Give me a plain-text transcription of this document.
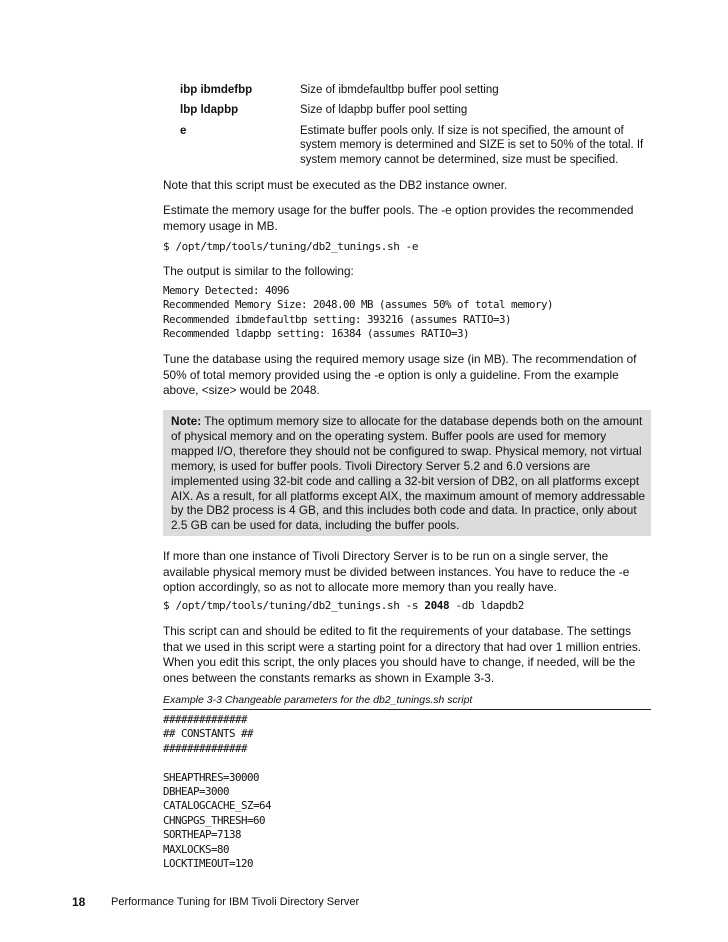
ibp ibmdefbp	Size of ibmdefaultbp buffer pool setting
lbp ldapbp	Size of ldapbp buffer pool setting
e	Estimate buffer pools only. If size is not specified, the amount of system memory is determined and SIZE is set to 50% of the total. If system memory cannot be determined, size must be specified.
Note that this script must be executed as the DB2 instance owner.
Estimate the memory usage for the buffer pools. The -e option provides the recommended memory usage in MB.
$ /opt/tmp/tools/tuning/db2_tunings.sh -e
The output is similar to the following:
Memory Detected: 4096
Recommended Memory Size: 2048.00 MB (assumes 50% of total memory)
Recommended ibmdefaultbp setting: 393216 (assumes RATIO=3)
Recommended ldapbp setting: 16384 (assumes RATIO=3)
Tune the database using the required memory usage size (in MB). The recommendation of 50% of total memory provided using the -e option is only a guideline. From the example above, <size> would be 2048.
Note: The optimum memory size to allocate for the database depends both on the amount of physical memory and on the operating system. Buffer pools are used for memory mapped I/O, therefore they should not be configured to swap. Physical memory, not virtual memory, is used for buffer pools. Tivoli Directory Server 5.2 and 6.0 versions are implemented using 32-bit code and calling a 32-bit version of DB2, on all platforms except AIX. As a result, for all platforms except AIX, the maximum amount of memory addressable by the DB2 process is 4 GB, and this includes both code and data. In practice, only about 2.5 GB can be used for data, including the buffer pools.
If more than one instance of Tivoli Directory Server is to be run on a single server, the available physical memory must be divided between instances. You have to reduce the -e option accordingly, so as not to allocate more memory than you really have.
$ /opt/tmp/tools/tuning/db2_tunings.sh -s 2048 -db ldapdb2
This script can and should be edited to fit the requirements of your database. The settings that we used in this script were a starting point for a directory that had over 1 million entries. When you edit this script, the only places you should have to change, if needed, will be the ones between the constants remarks as shown in Example 3-3.
Example 3-3 Changeable parameters for the db2_tunings.sh script
##############
## CONSTANTS ##
##############
SHEAPTHRES=30000
DBHEAP=3000
CATALOGCACHE_SZ=64
CHNGPGS_THRESH=60
SORTHEAP=7138
MAXLOCKS=80
LOCKTIMEOUT=120
18 Performance Tuning for IBM Tivoli Directory Server
